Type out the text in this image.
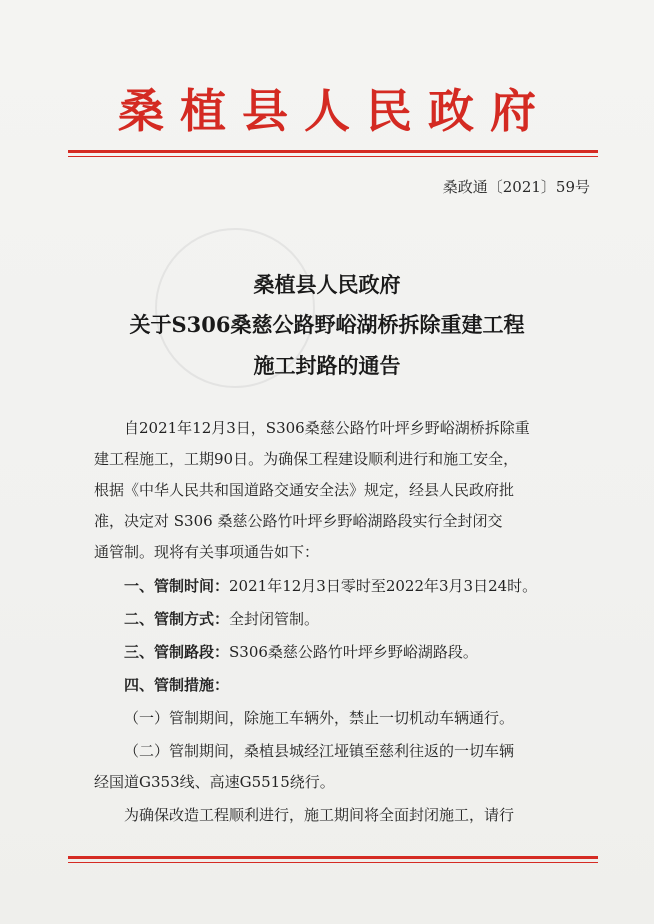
桑植县人民政府
桑政通〔2021〕59号
桑植县人民政府
关于S306桑慈公路野峪湖桥拆除重建工程
施工封路的通告
自2021年12月3日，S306桑慈公路竹叶坪乡野峪湖桥拆除重
建工程施工，工期90日。为确保工程建设顺利进行和施工安全，
根据《中华人民共和国道路交通安全法》规定，经县人民政府批
准，决定对 S306 桑慈公路竹叶坪乡野峪湖路段实行全封闭交
通管制。现将有关事项通告如下：
一、管制时间：2021年12月3日零时至2022年3月3日24时。
二、管制方式：全封闭管制。
三、管制路段：S306桑慈公路竹叶坪乡野峪湖路段。
四、管制措施：
（一）管制期间，除施工车辆外，禁止一切机动车辆通行。
（二）管制期间，桑植县城经江垭镇至慈利往返的一切车辆
经国道G353线、高速G5515绕行。
为确保改造工程顺利进行，施工期间将全面封闭施工，请行
